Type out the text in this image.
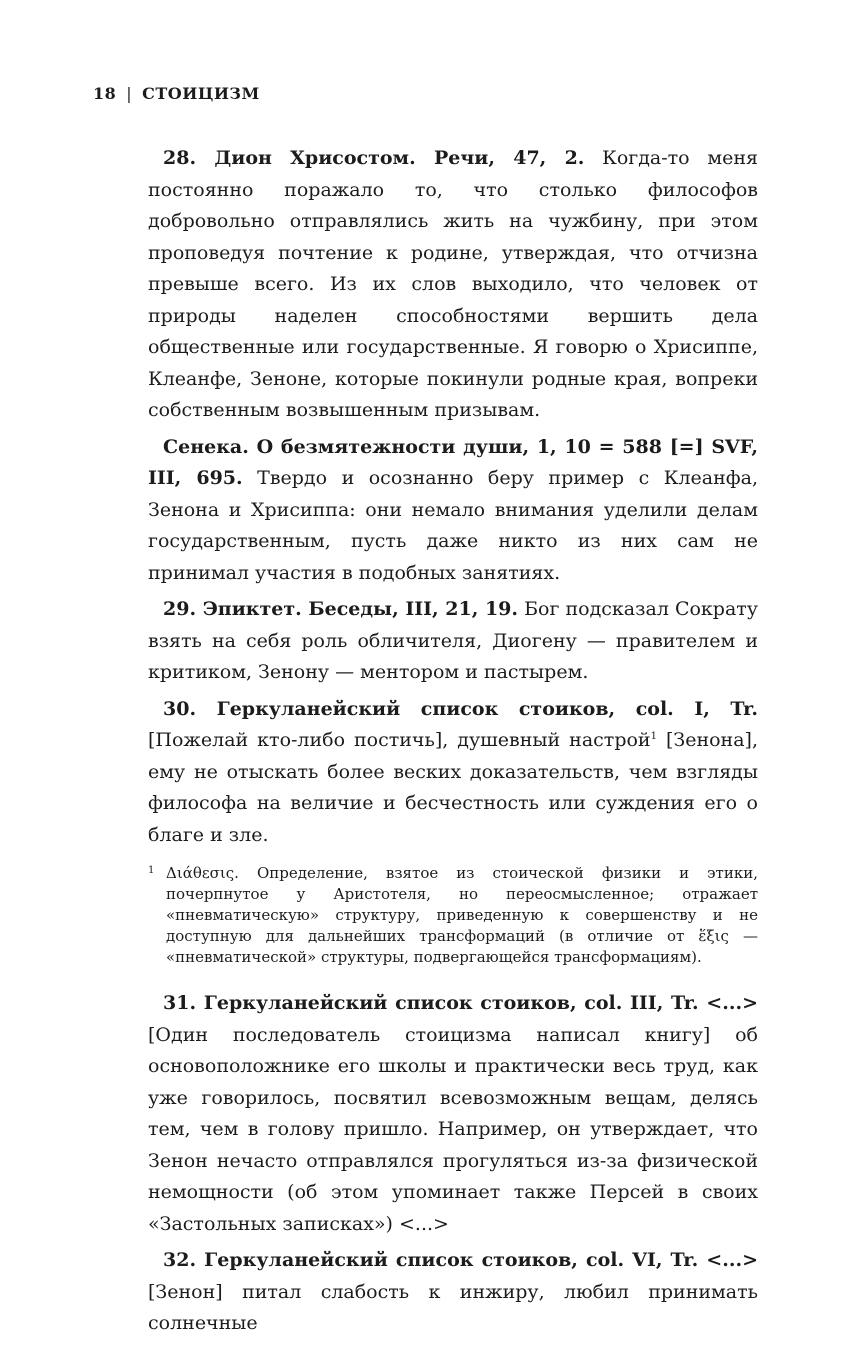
18 | СТОИЦИЗМ

28. Дион Хрисостом. Речи, 47, 2. Когда-то меня постоянно поражало то, что столько философов добровольно отправлялись жить на чужбину, при этом проповедуя почтение к родине, утверждая, что отчизна превыше всего. Из их слов выходило, что человек от природы наделен способностями вершить дела общественные или государственные. Я говорю о Хрисиппе, Клеанфе, Зеноне, которые покинули родные края, вопреки собственным возвышенным призывам.

Сенека. О безмятежности души, 1, 10 = 588 [=] SVF, III, 695. Твердо и осознанно беру пример с Клеанфа, Зенона и Хрисиппа: они немало внимания уделили делам государственным, пусть даже никто из них сам не принимал участия в подобных занятиях.

29. Эпиктет. Беседы, III, 21, 19. Бог подсказал Сократу взять на себя роль обличителя, Диогену — правителем и критиком, Зенону — ментором и пастырем.

30. Геркуланейский список стоиков, col. I, Tr. [Пожелай кто-либо постичь], душевный настрой$^1$ [Зенона], ему не отыскать более веских доказательств, чем взгляды философа на величие и бесчестность или суждения его о благе и зле.

1 Διάθεσις. Определение, взятое из стоической физики и этики, почерпнутое у Аристотеля, но переосмысленное; отражает «пневматическую» структуру, приведенную к совершенству и не доступную для дальнейших трансформаций (в отличие от ἕξις — «пневматической» структуры, подвергающейся трансформациям).

31. Геркуланейский список стоиков, col. III, Tr. <...> [Один последователь стоицизма написал книгу] об основоположнике его школы и практически весь труд, как уже говорилось, посвятил всевозможным вещам, делясь тем, чем в голову пришло. Например, он утверждает, что Зенон нечасто отправлялся прогуляться из-за физической немощности (об этом упоминает также Персей в своих «Застольных записках») <...>

32. Геркуланейский список стоиков, col. VI, Tr. <...> [Зенон] питал слабость к инжиру, любил принимать солнечные
